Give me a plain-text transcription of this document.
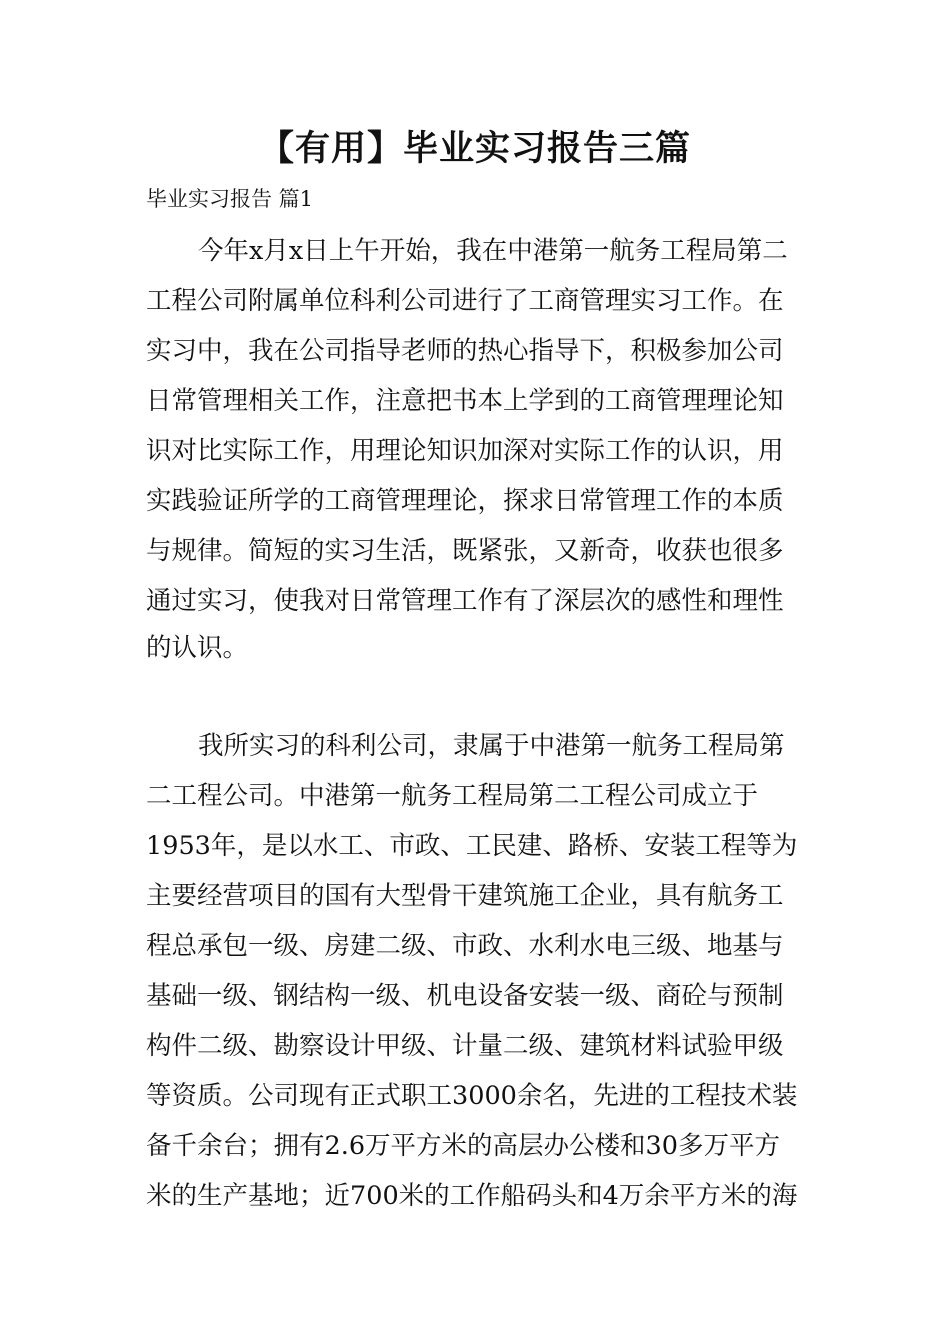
【有用】毕业实习报告三篇
毕业实习报告 篇1
今年x月x日上午开始，我在中港第一航务工程局第二
工程公司附属单位科利公司进行了工商管理实习工作。在
实习中，我在公司指导老师的热心指导下，积极参加公司
日常管理相关工作，注意把书本上学到的工商管理理论知
识对比实际工作，用理论知识加深对实际工作的认识，用
实践验证所学的工商管理理论，探求日常管理工作的本质
与规律。简短的实习生活，既紧张，又新奇，收获也很多
通过实习，使我对日常管理工作有了深层次的感性和理性
的认识。
我所实习的科利公司，隶属于中港第一航务工程局第
二工程公司。中港第一航务工程局第二工程公司成立于
1953年，是以水工、市政、工民建、路桥、安装工程等为
主要经营项目的国有大型骨干建筑施工企业，具有航务工
程总承包一级、房建二级、市政、水利水电三级、地基与
基础一级、钢结构一级、机电设备安装一级、商砼与预制
构件二级、勘察设计甲级、计量二级、建筑材料试验甲级
等资质。公司现有正式职工3000余名，先进的工程技术装
备千余台；拥有2.6万平方米的高层办公楼和30多万平方
米的生产基地；近700米的工作船码头和4万余平方米的海
